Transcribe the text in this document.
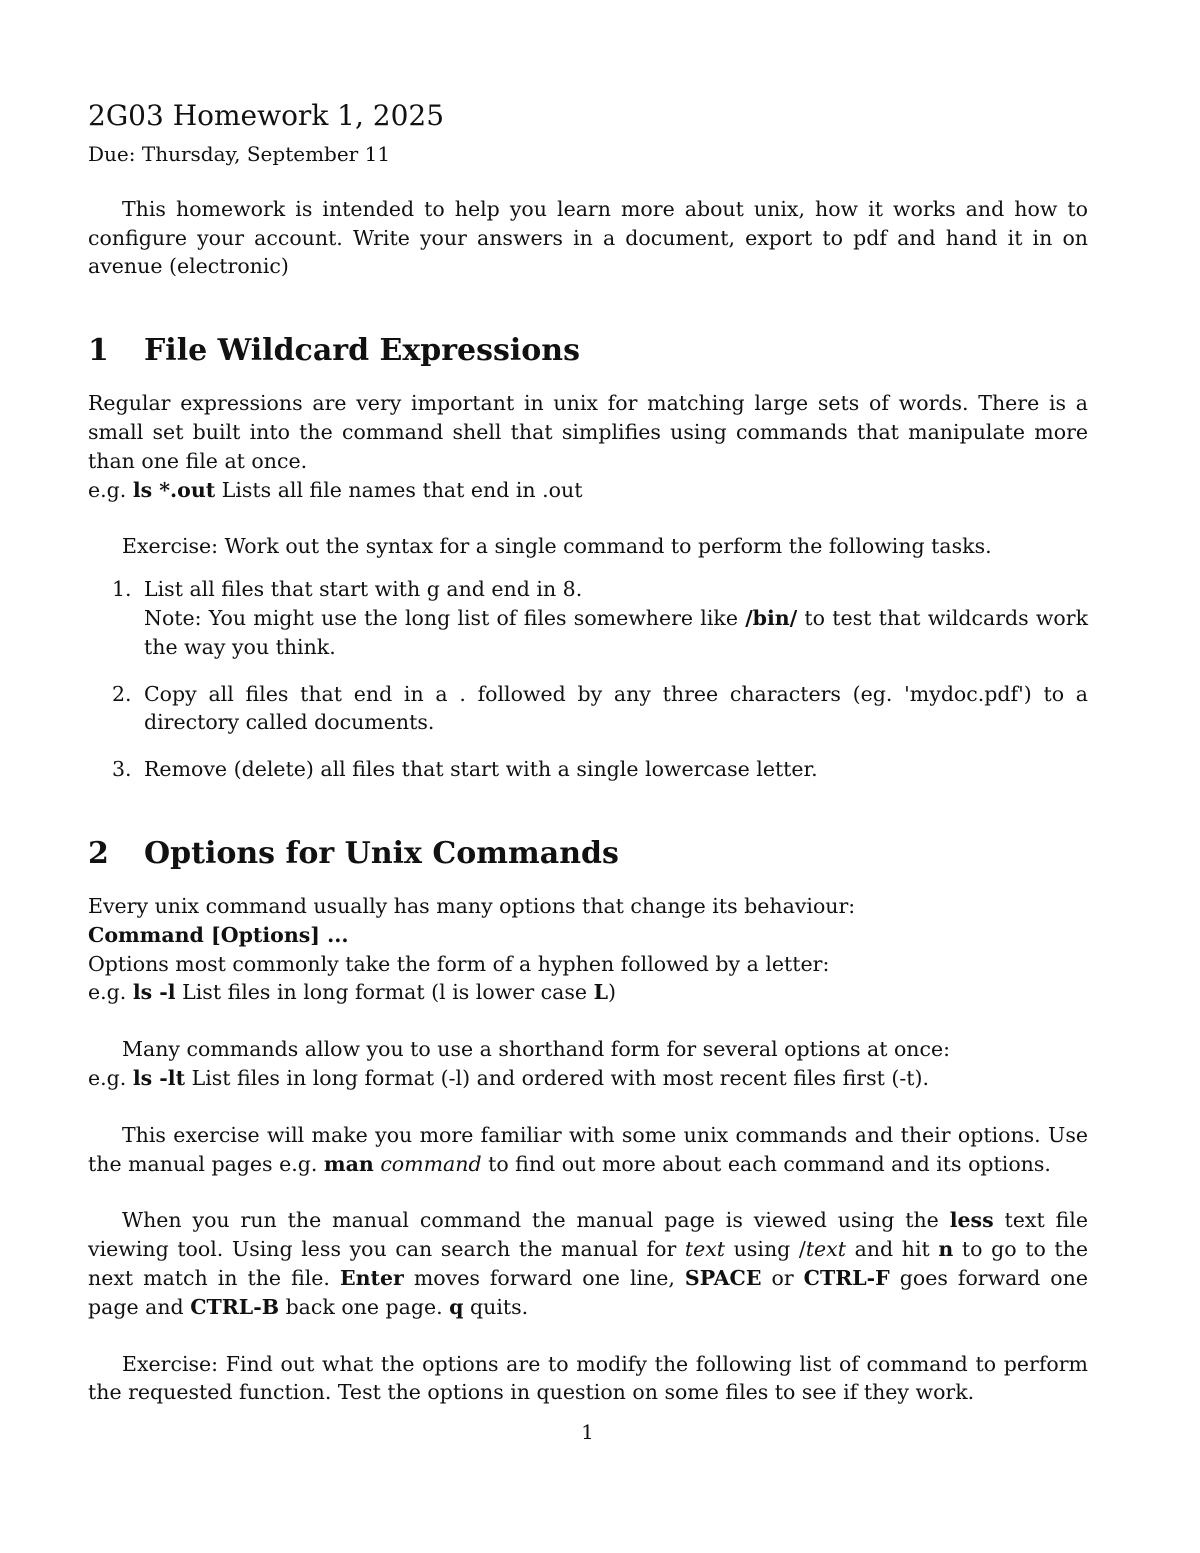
2G03 Homework 1, 2025

Due: Thursday, September 11

This homework is intended to help you learn more about unix, how it works and how to configure your account. Write your answers in a document, export to pdf and hand it in on avenue (electronic)

1	File Wildcard Expressions

Regular expressions are very important in unix for matching large sets of words. There is a small set built into the command shell that simplifies using commands that manipulate more than one file at once.

e.g. ls *.out Lists all file names that end in .out

Exercise: Work out the syntax for a single command to perform the following tasks.

1. List all files that start with g and end in 8.
Note: You might use the long list of files somewhere like /bin/ to test that wildcards work the way you think.
2. Copy all files that end in a . followed by any three characters (eg. 'mydoc.pdf') to a directory called documents.
3. Remove (delete) all files that start with a single lowercase letter.
2	Options for Unix Commands

Every unix command usually has many options that change its behaviour:

Command [Options] ...

Options most commonly take the form of a hyphen followed by a letter:

e.g. ls -l List files in long format (l is lower case L)

Many commands allow you to use a shorthand form for several options at once:

e.g. ls -lt List files in long format (-l) and ordered with most recent files first (-t).

This exercise will make you more familiar with some unix commands and their options. Use the manual pages e.g. man command to find out more about each command and its options.

When you run the manual command the manual page is viewed using the less text file viewing tool. Using less you can search the manual for text using /text and hit n to go to the next match in the file. Enter moves forward one line, SPACE or CTRL-F goes forward one page and CTRL-B back one page. q quits.

Exercise: Find out what the options are to modify the following list of command to perform the requested function. Test the options in question on some files to see if they work.

1
